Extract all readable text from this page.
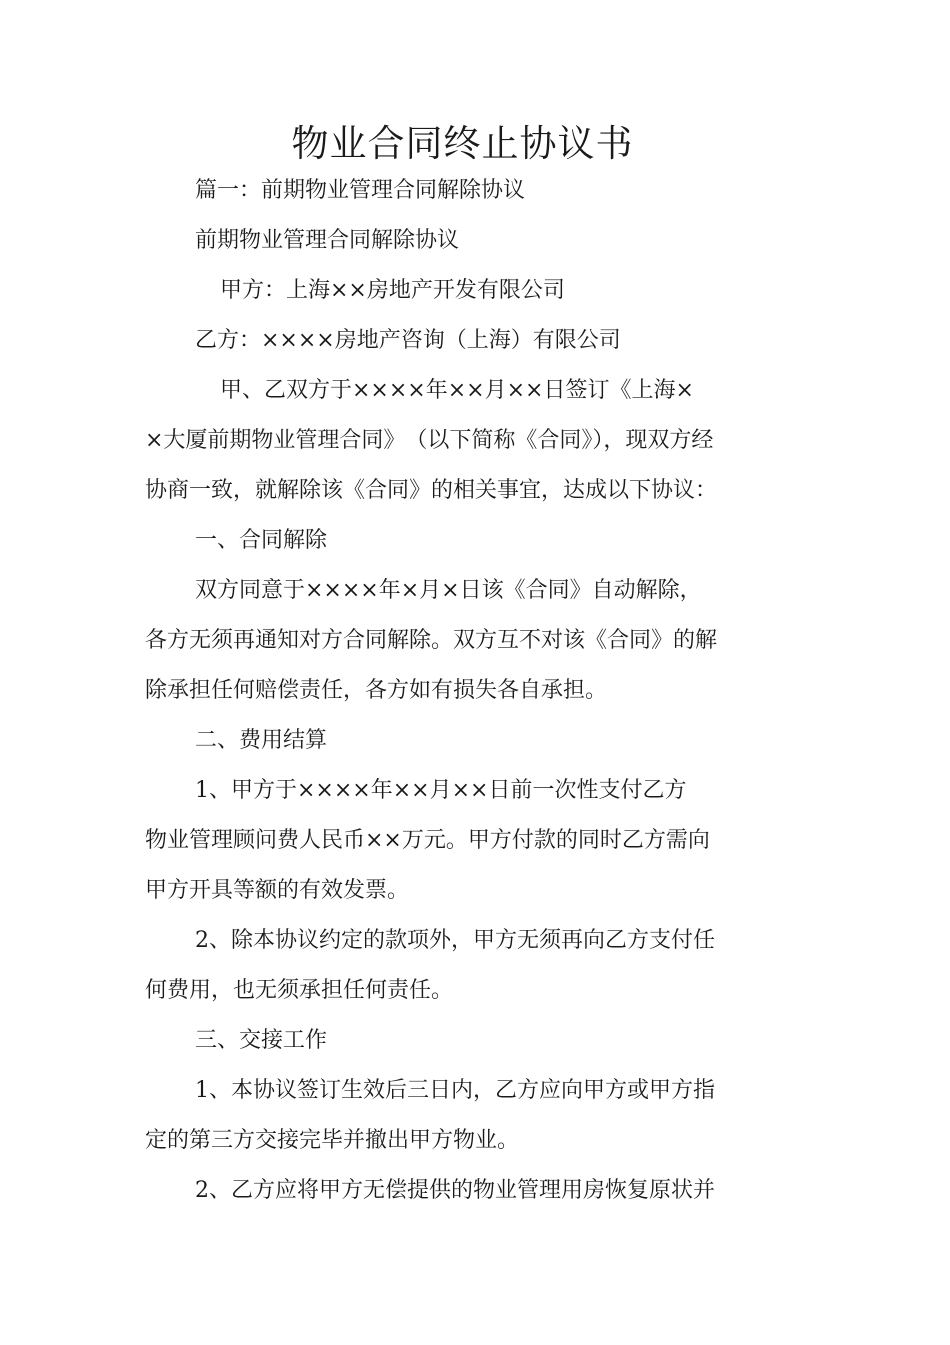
物业合同终止协议书
篇一：前期物业管理合同解除协议
前期物业管理合同解除协议
甲方：上海××房地产开发有限公司
乙方：××××房地产咨询（上海）有限公司
甲、乙双方于××××年××月××日签订《上海×
×大厦前期物业管理合同》　（以下简称《合同》），现双方经
协商一致，就解除该《合同》的相关事宜，达成以下协议：
一、合同解除
双方同意于××××年×月×日该《合同》自动解除，
各方无须再通知对方合同解除。双方互不对该《合同》的解
除承担任何赔偿责任，各方如有损失各自承担。
二、费用结算
1、甲方于××××年××月××日前一次性支付乙方
物业管理顾问费人民币××万元。甲方付款的同时乙方需向
甲方开具等额的有效发票。
2、除本协议约定的款项外，甲方无须再向乙方支付任
何费用，也无须承担任何责任。
三、交接工作
1、本协议签订生效后三日内，乙方应向甲方或甲方指
定的第三方交接完毕并撤出甲方物业。
2、乙方应将甲方无偿提供的物业管理用房恢复原状并
